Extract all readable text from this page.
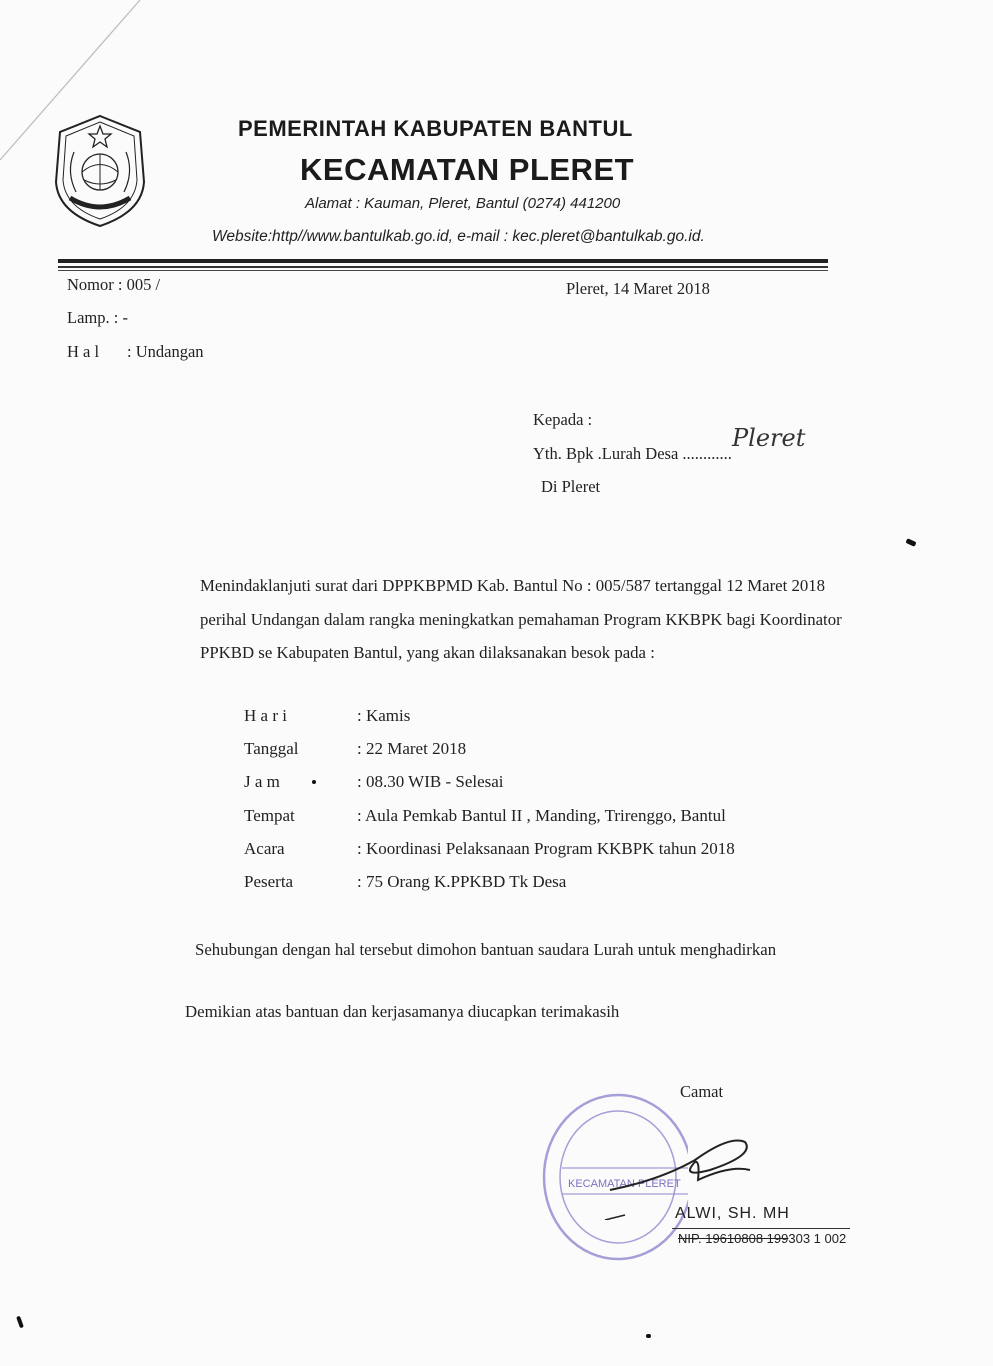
PEMERINTAH KABUPATEN BANTUL
KECAMATAN PLERET
Alamat : Kauman, Pleret, Bantul (0274) 441200
Website:http//www.bantulkab.go.id, e-mail : kec.pleret@bantulkab.go.id.
Nomor : 005 /
Lamp. : -
H a l : Undangan
Pleret, 14 Maret 2018
Kepada :
Yth. Bpk .Lurah Desa ............
Pleret
Di Pleret
Menindaklanjuti surat dari DPPKBPMD Kab. Bantul No : 005/587 tertanggal 12 Maret 2018
perihal Undangan dalam rangka meningkatkan pemahaman Program KKBPK bagi Koordinator
PPKBD se Kabupaten Bantul, yang akan dilaksanakan besok pada :
H a r i	: Kamis
Tanggal	: 22 Maret 2018
J a m	: 08.30 WIB - Selesai
Tempat	: Aula Pemkab Bantul II , Manding, Trirenggo, Bantul
Acara	: Koordinasi Pelaksanaan Program KKBPK tahun 2018
Peserta	: 75 Orang K.PPKBD Tk Desa
Sehubungan dengan hal tersebut dimohon bantuan saudara Lurah untuk menghadirkan
Demikian atas bantuan dan kerjasamanya diucapkan terimakasih
Camat
KECAMATAN PLERET
ALWI, SH. MH
NIP. 19610808 199303 1 002
